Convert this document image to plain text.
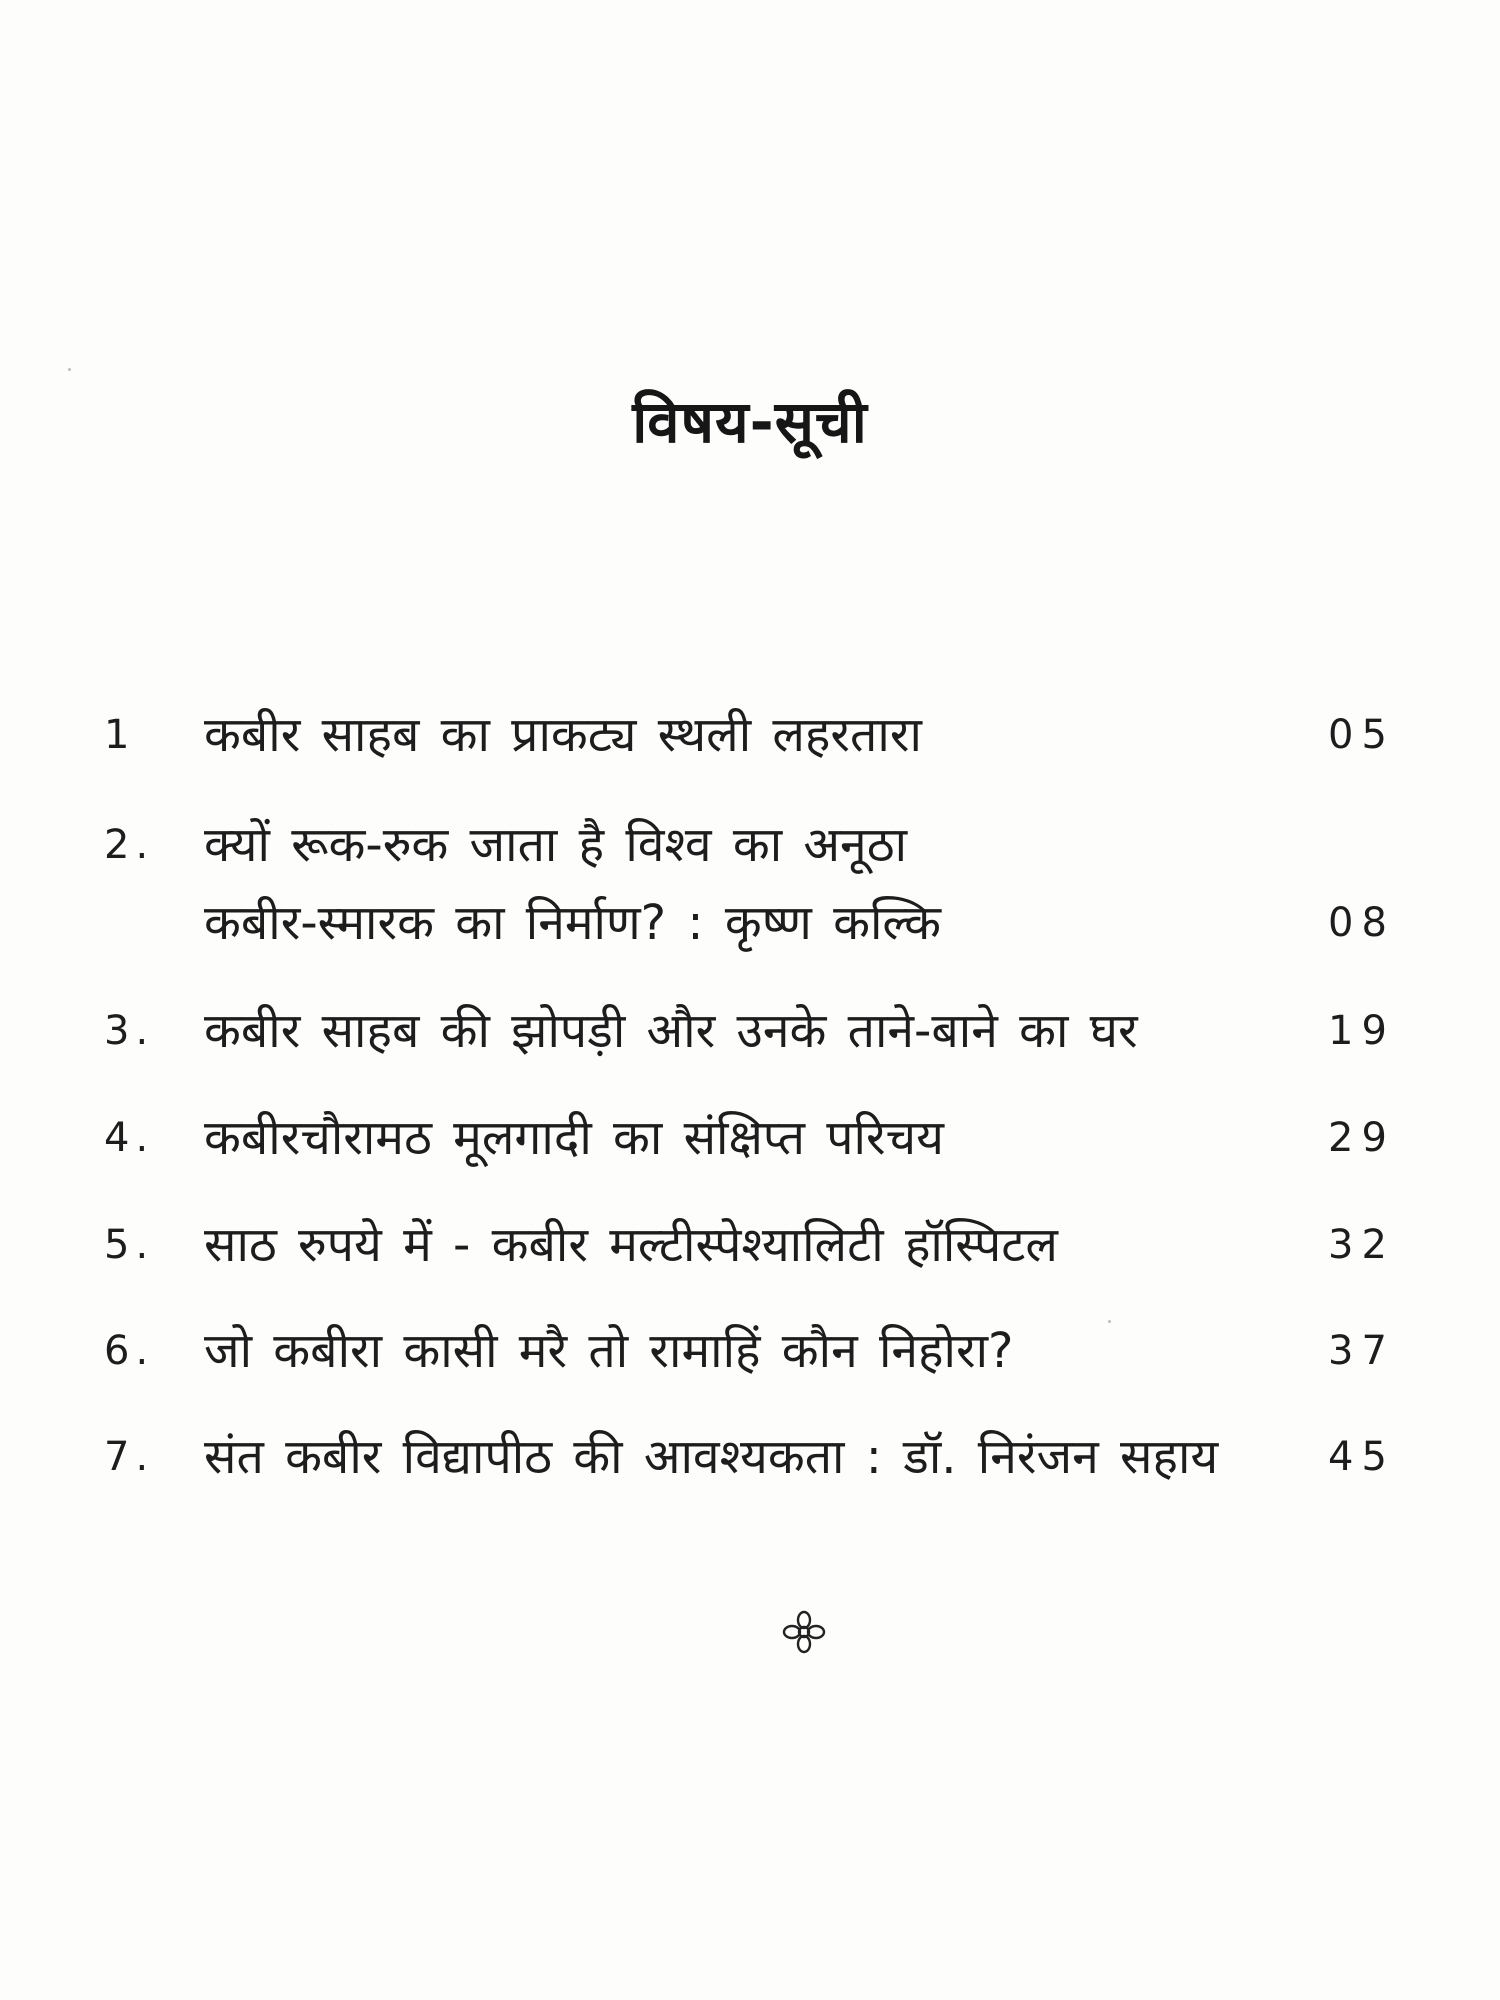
विषय-सूची
1	कबीर साहब का प्राकट्य स्थली लहरतारा	05
2.	क्यों रूक-रुक जाता है विश्व का अनूठा
कबीर-स्मारक का निर्माण? : कृष्ण कल्कि	08
3.	कबीर साहब की झोपड़ी और उनके ताने-बाने का घर	19
4.	कबीरचौरामठ मूलगादी का संक्षिप्त परिचय	29
5.	साठ रुपये में - कबीर मल्टीस्पेश्यालिटी हॉस्पिटल	32
6.	जो कबीरा कासी मरै तो रामाहिं कौन निहोरा?	37
7.	संत कबीर विद्यापीठ की आवश्यकता : डॉ. निरंजन सहाय	45
